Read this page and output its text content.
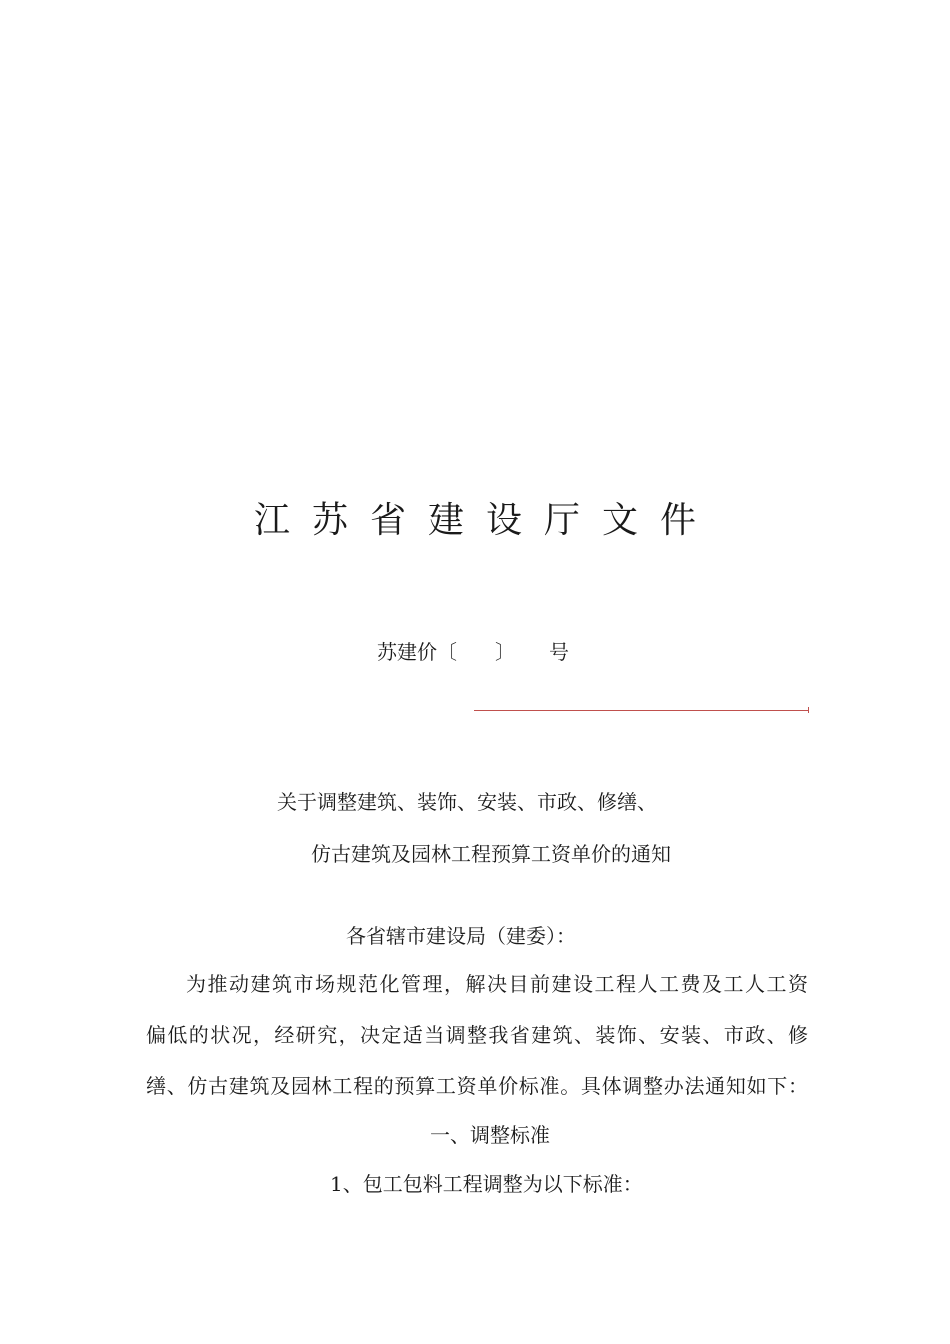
江苏省建设厅文件
苏建价〔 〕 号
关于调整建筑、装饰、安装、市政、修缮、
仿古建筑及园林工程预算工资单价的通知
各省辖市建设局（建委）：
为推动建筑市场规范化管理，解决目前建设工程人工费及工人工资
偏低的状况，经研究，决定适当调整我省建筑、装饰、安装、市政、修
缮、仿古建筑及园林工程的预算工资单价标准。具体调整办法通知如下：
一、调整标准
1、包工包料工程调整为以下标准：
